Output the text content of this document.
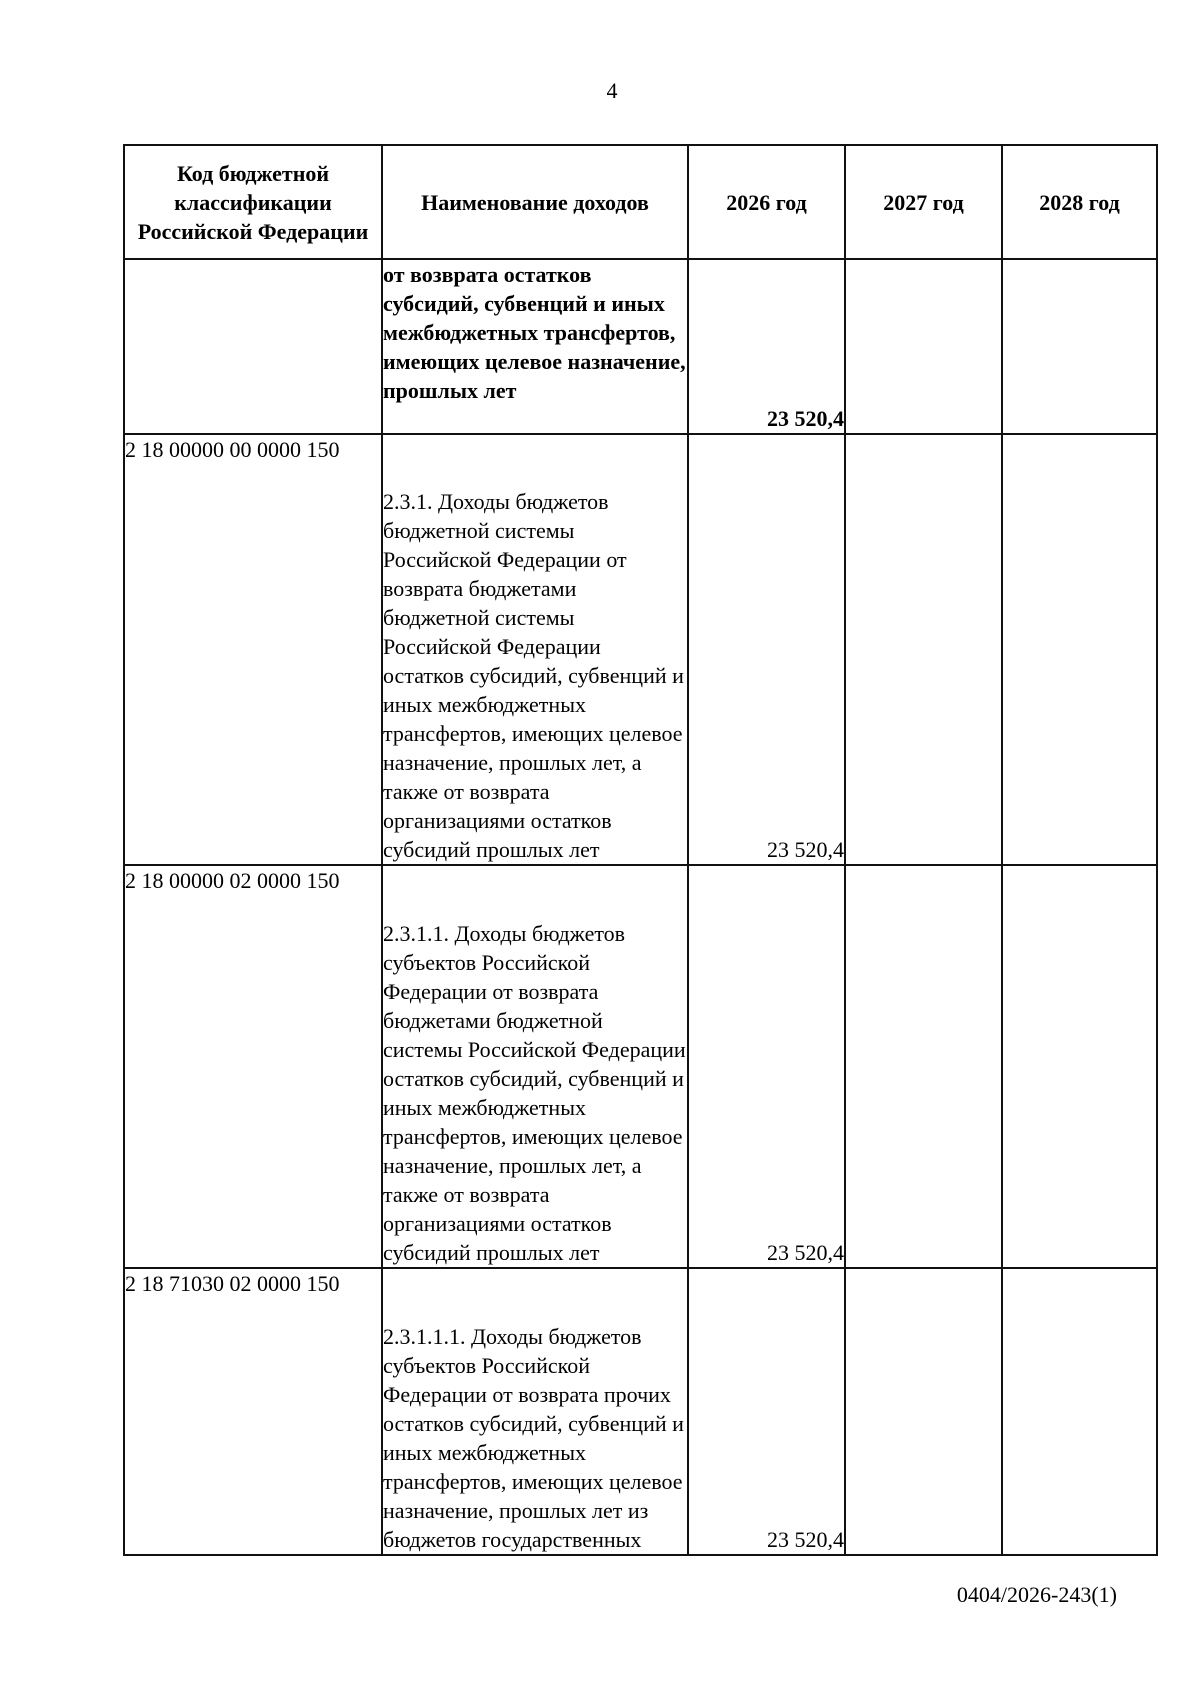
4
Код бюджетной классификации Российской Федерации	Наименование доходов	2026 год	2027 год	2028 год
	от возврата остатков субсидий, субвенций и иных межбюджетных трансфертов, имеющих целевое назначение, прошлых лет	23 520,4		
2 18 00000 00 0000 150	2.3.1. Доходы бюджетов бюджетной системы Российской Федерации от возврата бюджетами бюджетной системы Российской Федерации остатков субсидий, субвенций и иных межбюджетных трансфертов, имеющих целевое назначение, прошлых лет, а также от возврата организациями остатков субсидий прошлых лет	23 520,4		
2 18 00000 02 0000 150	2.3.1.1. Доходы бюджетов субъектов Российской Федерации от возврата бюджетами бюджетной системы Российской Федерации остатков субсидий, субвенций и иных межбюджетных трансфертов, имеющих целевое назначение, прошлых лет, а также от возврата организациями остатков субсидий прошлых лет	23 520,4		
2 18 71030 02 0000 150	2.3.1.1.1. Доходы бюджетов субъектов Российской Федерации от возврата прочих остатков субсидий, субвенций и иных межбюджетных трансфертов, имеющих целевое назначение, прошлых лет из бюджетов государственных	23 520,4		
0404/2026-243(1)
